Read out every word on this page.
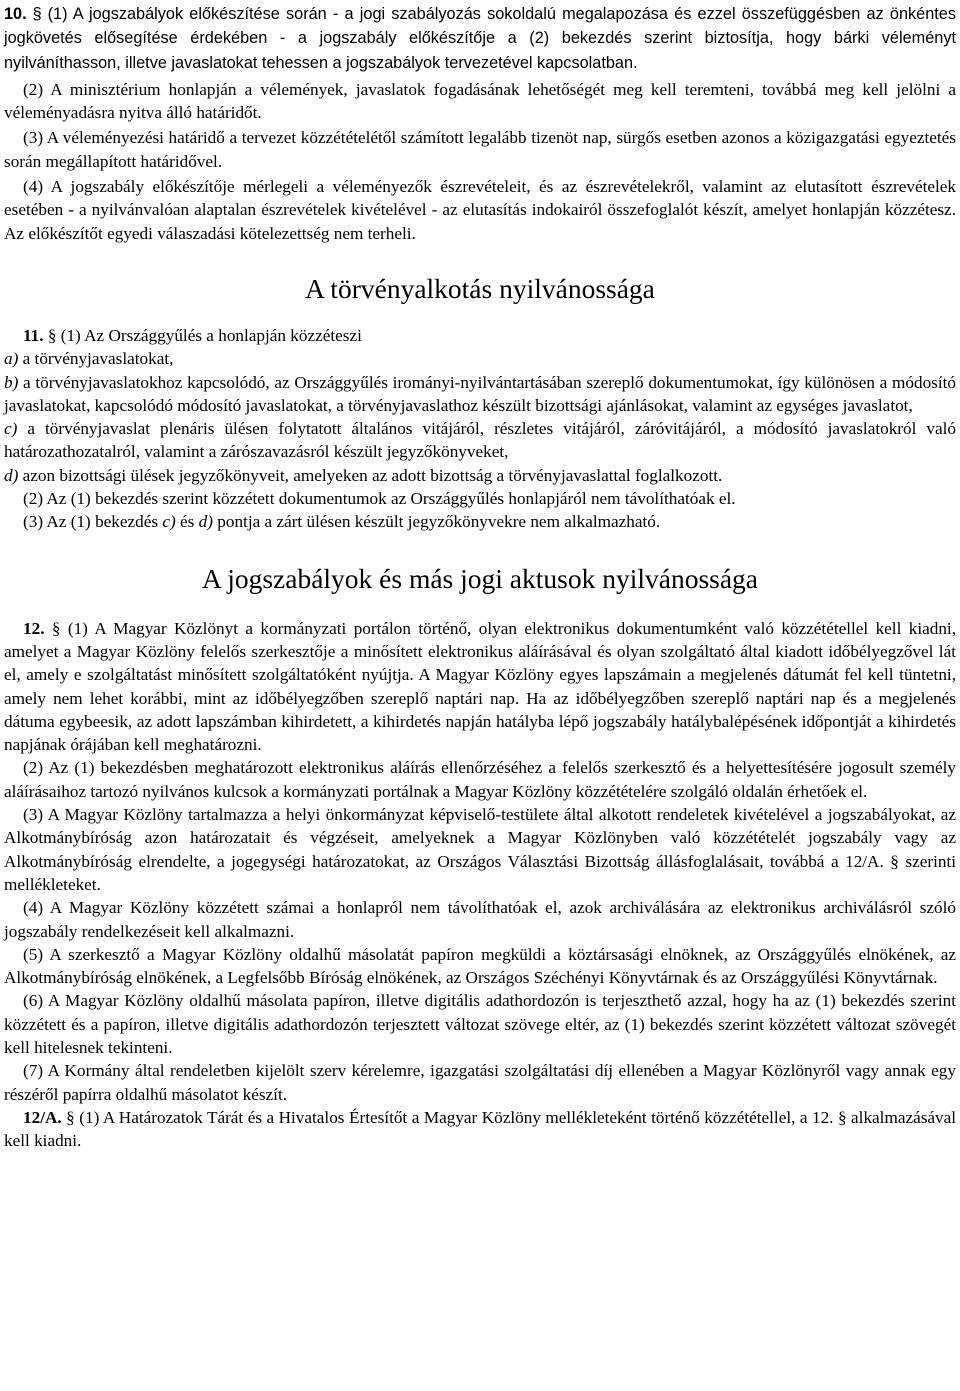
10. § (1) A jogszabályok előkészítése során - a jogi szabályozás sokoldalú megalapozása és ezzel összefüggésben az önkéntes jogkövetés elősegítése érdekében - a jogszabály előkészítője a (2) bekezdés szerint biztosítja, hogy bárki véleményt nyilváníthasson, illetve javaslatokat tehessen a jogszabályok tervezetével kapcsolatban.

(2) A minisztérium honlapján a vélemények, javaslatok fogadásának lehetőségét meg kell teremteni, továbbá meg kell jelölni a véleményadásra nyitva álló határidőt.

(3) A véleményezési határidő a tervezet közzétételétől számított legalább tizenöt nap, sürgős esetben azonos a közigazgatási egyeztetés során megállapított határidővel.

(4) A jogszabály előkészítője mérlegeli a véleményezők észrevételeit, és az észrevételekről, valamint az elutasított észrevételek esetében - a nyilvánvalóan alaptalan észrevételek kivételével - az elutasítás indokairól összefoglalót készít, amelyet honlapján közzétesz. Az előkészítőt egyedi válaszadási kötelezettség nem terheli.

A törvényalkotás nyilvánossága

11. § (1) Az Országgyűlés a honlapján közzéteszi

a) a törvényjavaslatokat,

b) a törvényjavaslatokhoz kapcsolódó, az Országgyűlés irományi-nyilvántartásában szereplő dokumentumokat, így különösen a módosító javaslatokat, kapcsolódó módosító javaslatokat, a törvényjavaslathoz készült bizottsági ajánlásokat, valamint az egységes javaslatot,

c) a törvényjavaslat plenáris ülésen folytatott általános vitájáról, részletes vitájáról, záróvitájáról, a módosító javaslatokról való határozathozatalról, valamint a zárószavazásról készült jegyzőkönyveket,

d) azon bizottsági ülések jegyzőkönyveit, amelyeken az adott bizottság a törvényjavaslattal foglalkozott.

(2) Az (1) bekezdés szerint közzétett dokumentumok az Országgyűlés honlapjáról nem távolíthatóak el.

(3) Az (1) bekezdés c) és d) pontja a zárt ülésen készült jegyzőkönyvekre nem alkalmazható.

A jogszabályok és más jogi aktusok nyilvánossága

12. § (1) A Magyar Közlönyt a kormányzati portálon történő, olyan elektronikus dokumentumként való közzététellel kell kiadni, amelyet a Magyar Közlöny felelős szerkesztője a minősített elektronikus aláírásával és olyan szolgáltató által kiadott időbélyegzővel lát el, amely e szolgáltatást minősített szolgáltatóként nyújtja. A Magyar Közlöny egyes lapszámain a megjelenés dátumát fel kell tüntetni, amely nem lehet korábbi, mint az időbélyegzőben szereplő naptári nap. Ha az időbélyegzőben szereplő naptári nap és a megjelenés dátuma egybeesik, az adott lapszámban kihirdetett, a kihirdetés napján hatályba lépő jogszabály hatálybalépésének időpontját a kihirdetés napjának órájában kell meghatározni.

(2) Az (1) bekezdésben meghatározott elektronikus aláírás ellenőrzéséhez a felelős szerkesztő és a helyettesítésére jogosult személy aláírásaihoz tartozó nyilvános kulcsok a kormányzati portálnak a Magyar Közlöny közzétételére szolgáló oldalán érhetőek el.

(3) A Magyar Közlöny tartalmazza a helyi önkormányzat képviselő-testülete által alkotott rendeletek kivételével a jogszabályokat, az Alkotmánybíróság azon határozatait és végzéseit, amelyeknek a Magyar Közlönyben való közzétételét jogszabály vagy az Alkotmánybíróság elrendelte, a jogegységi határozatokat, az Országos Választási Bizottság állásfoglalásait, továbbá a 12/A. § szerinti mellékleteket.

(4) A Magyar Közlöny közzétett számai a honlapról nem távolíthatóak el, azok archiválására az elektronikus archiválásról szóló jogszabály rendelkezéseit kell alkalmazni.

(5) A szerkesztő a Magyar Közlöny oldalhű másolatát papíron megküldi a köztársasági elnöknek, az Országgyűlés elnökének, az Alkotmánybíróság elnökének, a Legfelsőbb Bíróság elnökének, az Országos Széchényi Könyvtárnak és az Országgyűlési Könyvtárnak.

(6) A Magyar Közlöny oldalhű másolata papíron, illetve digitális adathordozón is terjeszthető azzal, hogy ha az (1) bekezdés szerint közzétett és a papíron, illetve digitális adathordozón terjesztett változat szövege eltér, az (1) bekezdés szerint közzétett változat szövegét kell hitelesnek tekinteni.

(7) A Kormány által rendeletben kijelölt szerv kérelemre, igazgatási szolgáltatási díj ellenében a Magyar Közlönyről vagy annak egy részéről papírra oldalhű másolatot készít.

12/A. § (1) A Határozatok Tárát és a Hivatalos Értesítőt a Magyar Közlöny mellékleteként történő közzététellel, a 12. § alkalmazásával kell kiadni.
